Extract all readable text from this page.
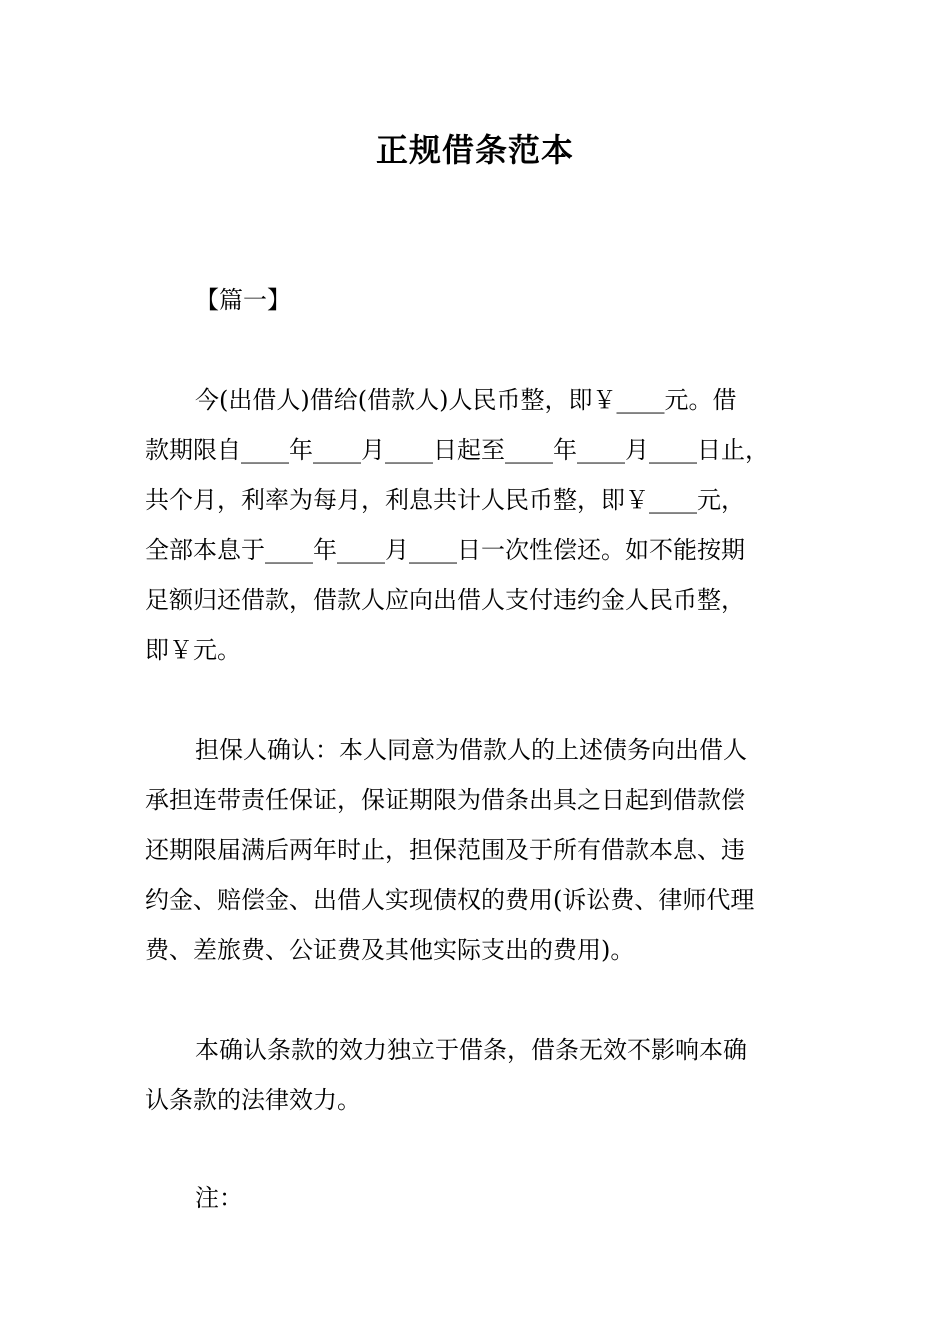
正规借条范本
【篇一】
今(出借人)借给(借款人)人民币整，即￥____元。借
款期限自____年____月____日起至____年____月____日止，
共个月，利率为每月，利息共计人民币整，即￥____元，
全部本息于____年____月____日一次性偿还。如不能按期
足额归还借款，借款人应向出借人支付违约金人民币整，
即￥元。
担保人确认：本人同意为借款人的上述债务向出借人
承担连带责任保证，保证期限为借条出具之日起到借款偿
还期限届满后两年时止，担保范围及于所有借款本息、违
约金、赔偿金、出借人实现债权的费用(诉讼费、律师代理
费、差旅费、公证费及其他实际支出的费用)。
本确认条款的效力独立于借条，借条无效不影响本确
认条款的法律效力。
注：
